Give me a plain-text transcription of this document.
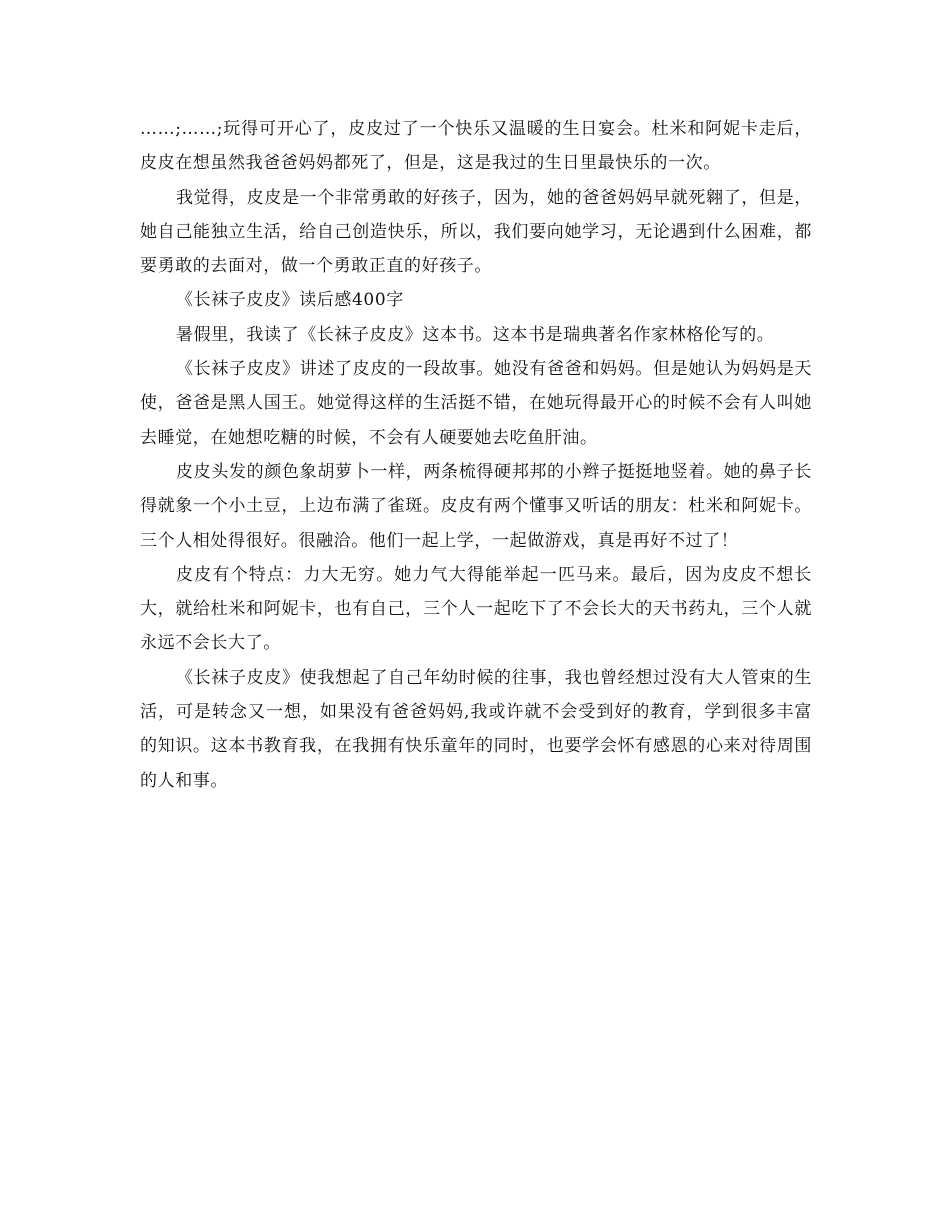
……;……;玩得可开心了，皮皮过了一个快乐又温暖的生日宴会。杜米和阿妮卡走后，皮皮在想虽然我爸爸妈妈都死了，但是，这是我过的生日里最快乐的一次。

我觉得，皮皮是一个非常勇敢的好孩子，因为，她的爸爸妈妈早就死翱了，但是，她自己能独立生活，给自己创造快乐，所以，我们要向她学习，无论遇到什么困难，都要勇敢的去面对，做一个勇敢正直的好孩子。

《长袜子皮皮》读后感400字

暑假里，我读了《长袜子皮皮》这本书。这本书是瑞典著名作家林格伦写的。

《长袜子皮皮》讲述了皮皮的一段故事。她没有爸爸和妈妈。但是她认为妈妈是天使，爸爸是黑人国王。她觉得这样的生活挺不错，在她玩得最开心的时候不会有人叫她去睡觉，在她想吃糖的时候，不会有人硬要她去吃鱼肝油。

皮皮头发的颜色象胡萝卜一样，两条梳得硬邦邦的小辫子挺挺地竖着。她的鼻子长得就象一个小土豆，上边布满了雀斑。皮皮有两个懂事又听话的朋友：杜米和阿妮卡。三个人相处得很好。很融洽。他们一起上学，一起做游戏，真是再好不过了！

皮皮有个特点：力大无穷。她力气大得能举起一匹马来。最后，因为皮皮不想长大，就给杜米和阿妮卡，也有自己，三个人一起吃下了不会长大的天书药丸，三个人就永远不会长大了。

《长袜子皮皮》使我想起了自己年幼时候的往事，我也曾经想过没有大人管束的生活，可是转念又一想，如果没有爸爸妈妈,我或许就不会受到好的教育，学到很多丰富的知识。这本书教育我，在我拥有快乐童年的同时，也要学会怀有感恩的心来对待周围的人和事。
